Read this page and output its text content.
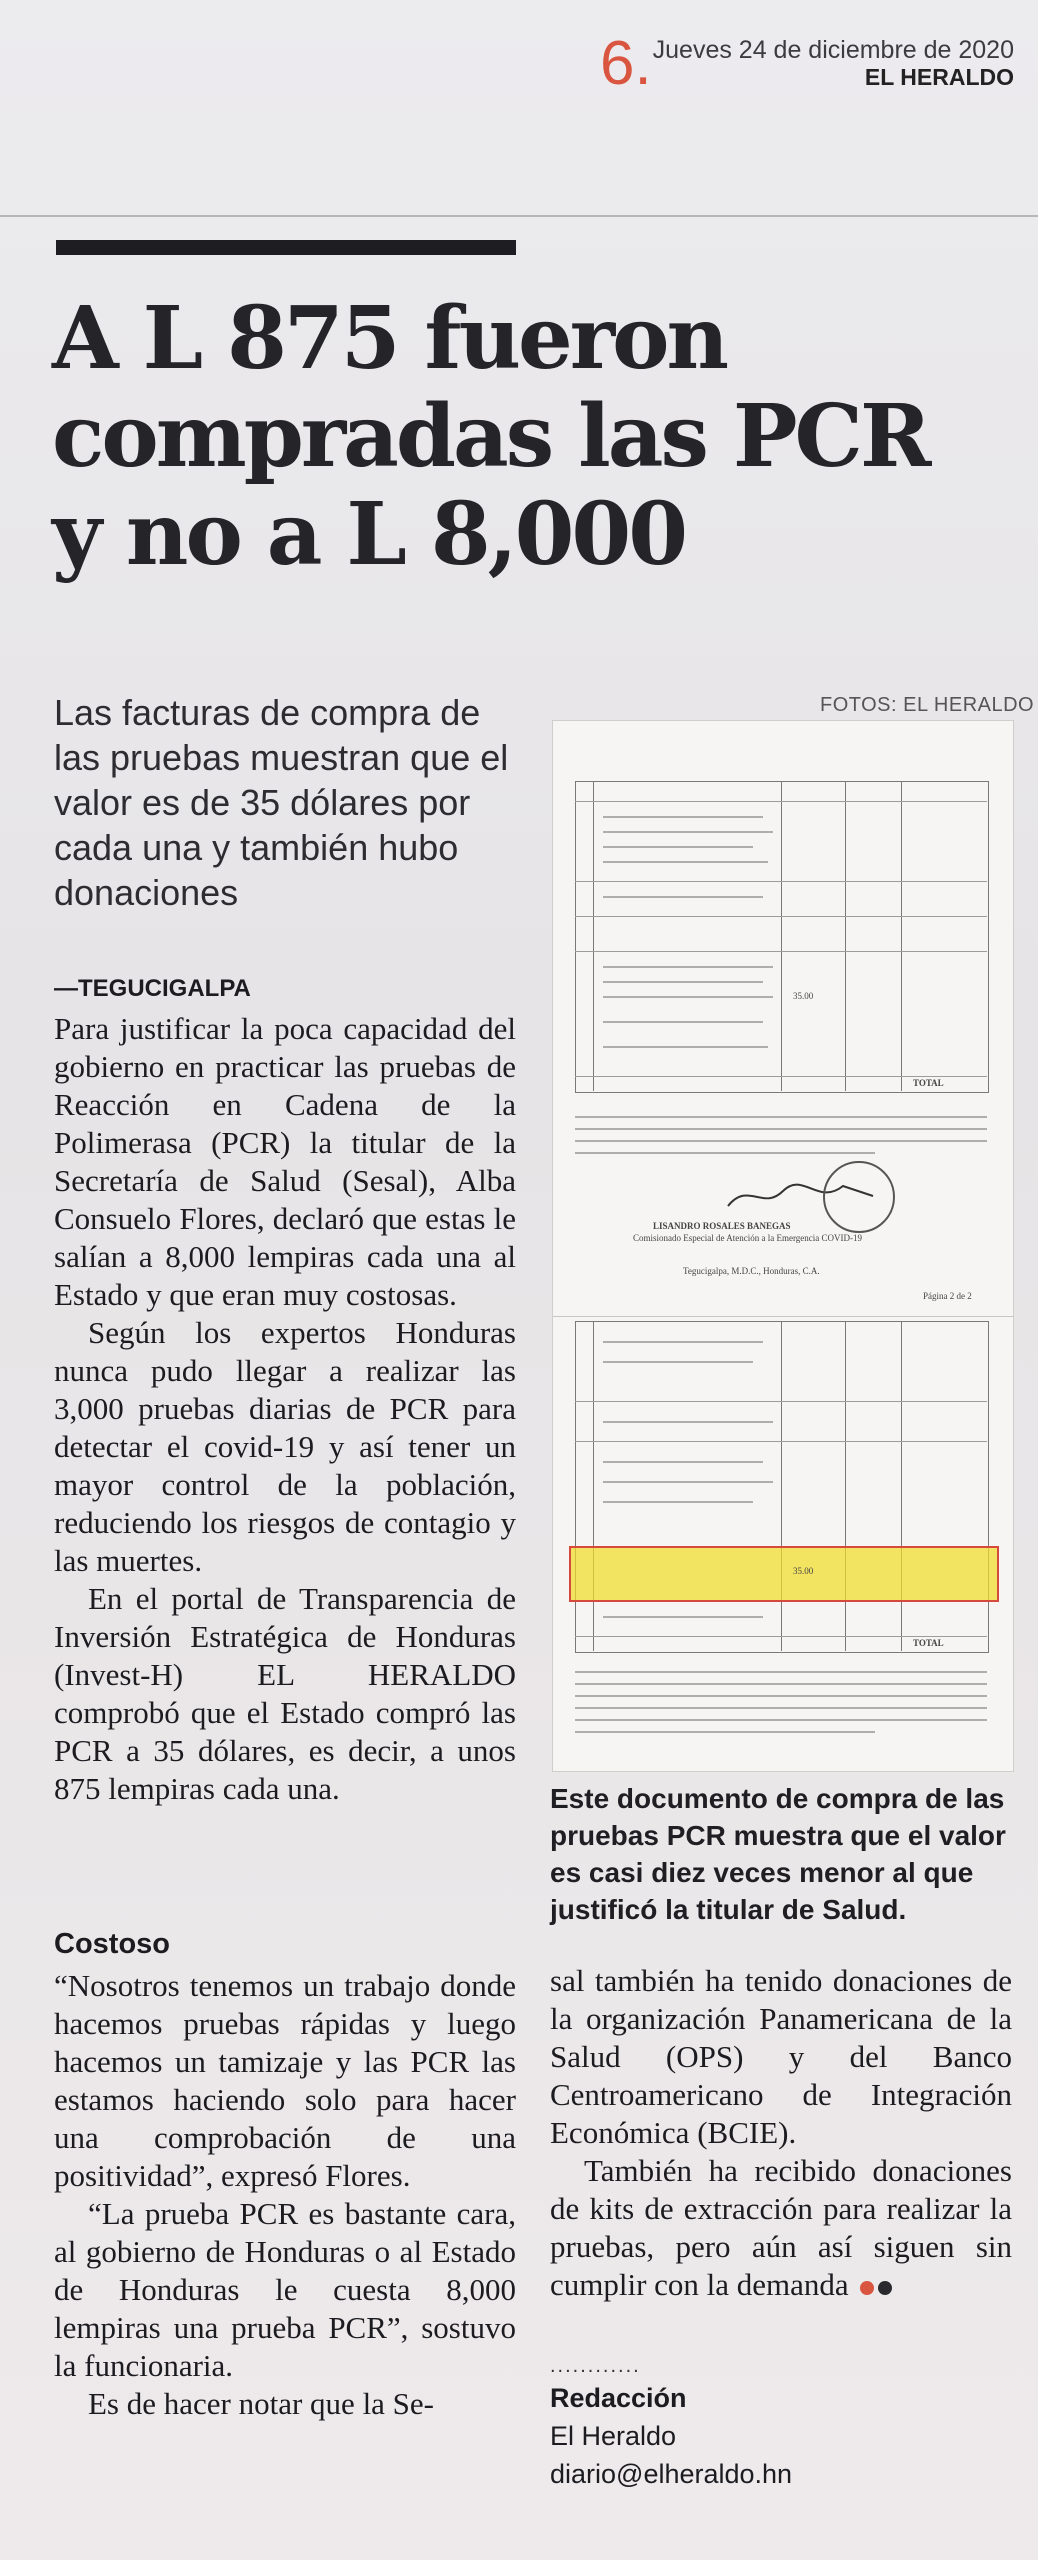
6. Jueves 24 de diciembre de 2020
EL HERALDO
A L 875 fueron
compradas las PCR
y no a L 8,000
Las facturas de compra de las pruebas muestran que el valor es de 35 dólares por cada una y también hubo donaciones
FOTOS: EL HERALDO
—TEGUCIGALPA

Para justificar la poca capacidad del gobierno en practicar las pruebas de Reacción en Cadena de la Polimerasa (PCR) la titular de la Secretaría de Salud (Sesal), Alba Consuelo Flores, declaró que estas le salían a 8,000 lempiras cada una al Estado y que eran muy costosas.

Según los expertos Honduras nunca pudo llegar a realizar las 3,000 pruebas diarias de PCR para detectar el covid-19 y así tener un mayor control de la población, reduciendo los riesgos de contagio y las muertes.

En el portal de Transparencia de Inversión Estratégica de Honduras (Invest-H) EL HERALDO comprobó que el Estado compró las PCR a 35 dólares, es decir, a unos 875 lempiras cada una.

Costoso

“Nosotros tenemos un trabajo donde hacemos pruebas rápidas y luego hacemos un tamizaje y las PCR las estamos haciendo solo para hacer una comprobación de una positividad”, expresó Flores.

“La prueba PCR es bastante cara, al gobierno de Honduras o al Estado de Honduras le cuesta 8,000 lempiras una prueba PCR”, sostuvo la funcionaria.

Es de hacer notar que la Se-

35.00
TOTAL
LISANDRO ROSALES BANEGAS
Comisionado Especial de Atención a la Emergencia COVID-19
Tegucigalpa, M.D.C., Honduras, C.A.
Página 2 de 2
35.00
TOTAL
Este documento de compra de las pruebas PCR muestra que el valor es casi diez veces menor al que justificó la titular de Salud.

sal también ha tenido donaciones de la organización Panamericana de la Salud (OPS) y del Banco Centroamericano de Integración Económica (BCIE).

También ha recibido donaciones de kits de extracción para realizar la pruebas, pero aún así siguen sin cumplir con la demanda

............
Redacción
El Heraldo
diario@elheraldo.hn
